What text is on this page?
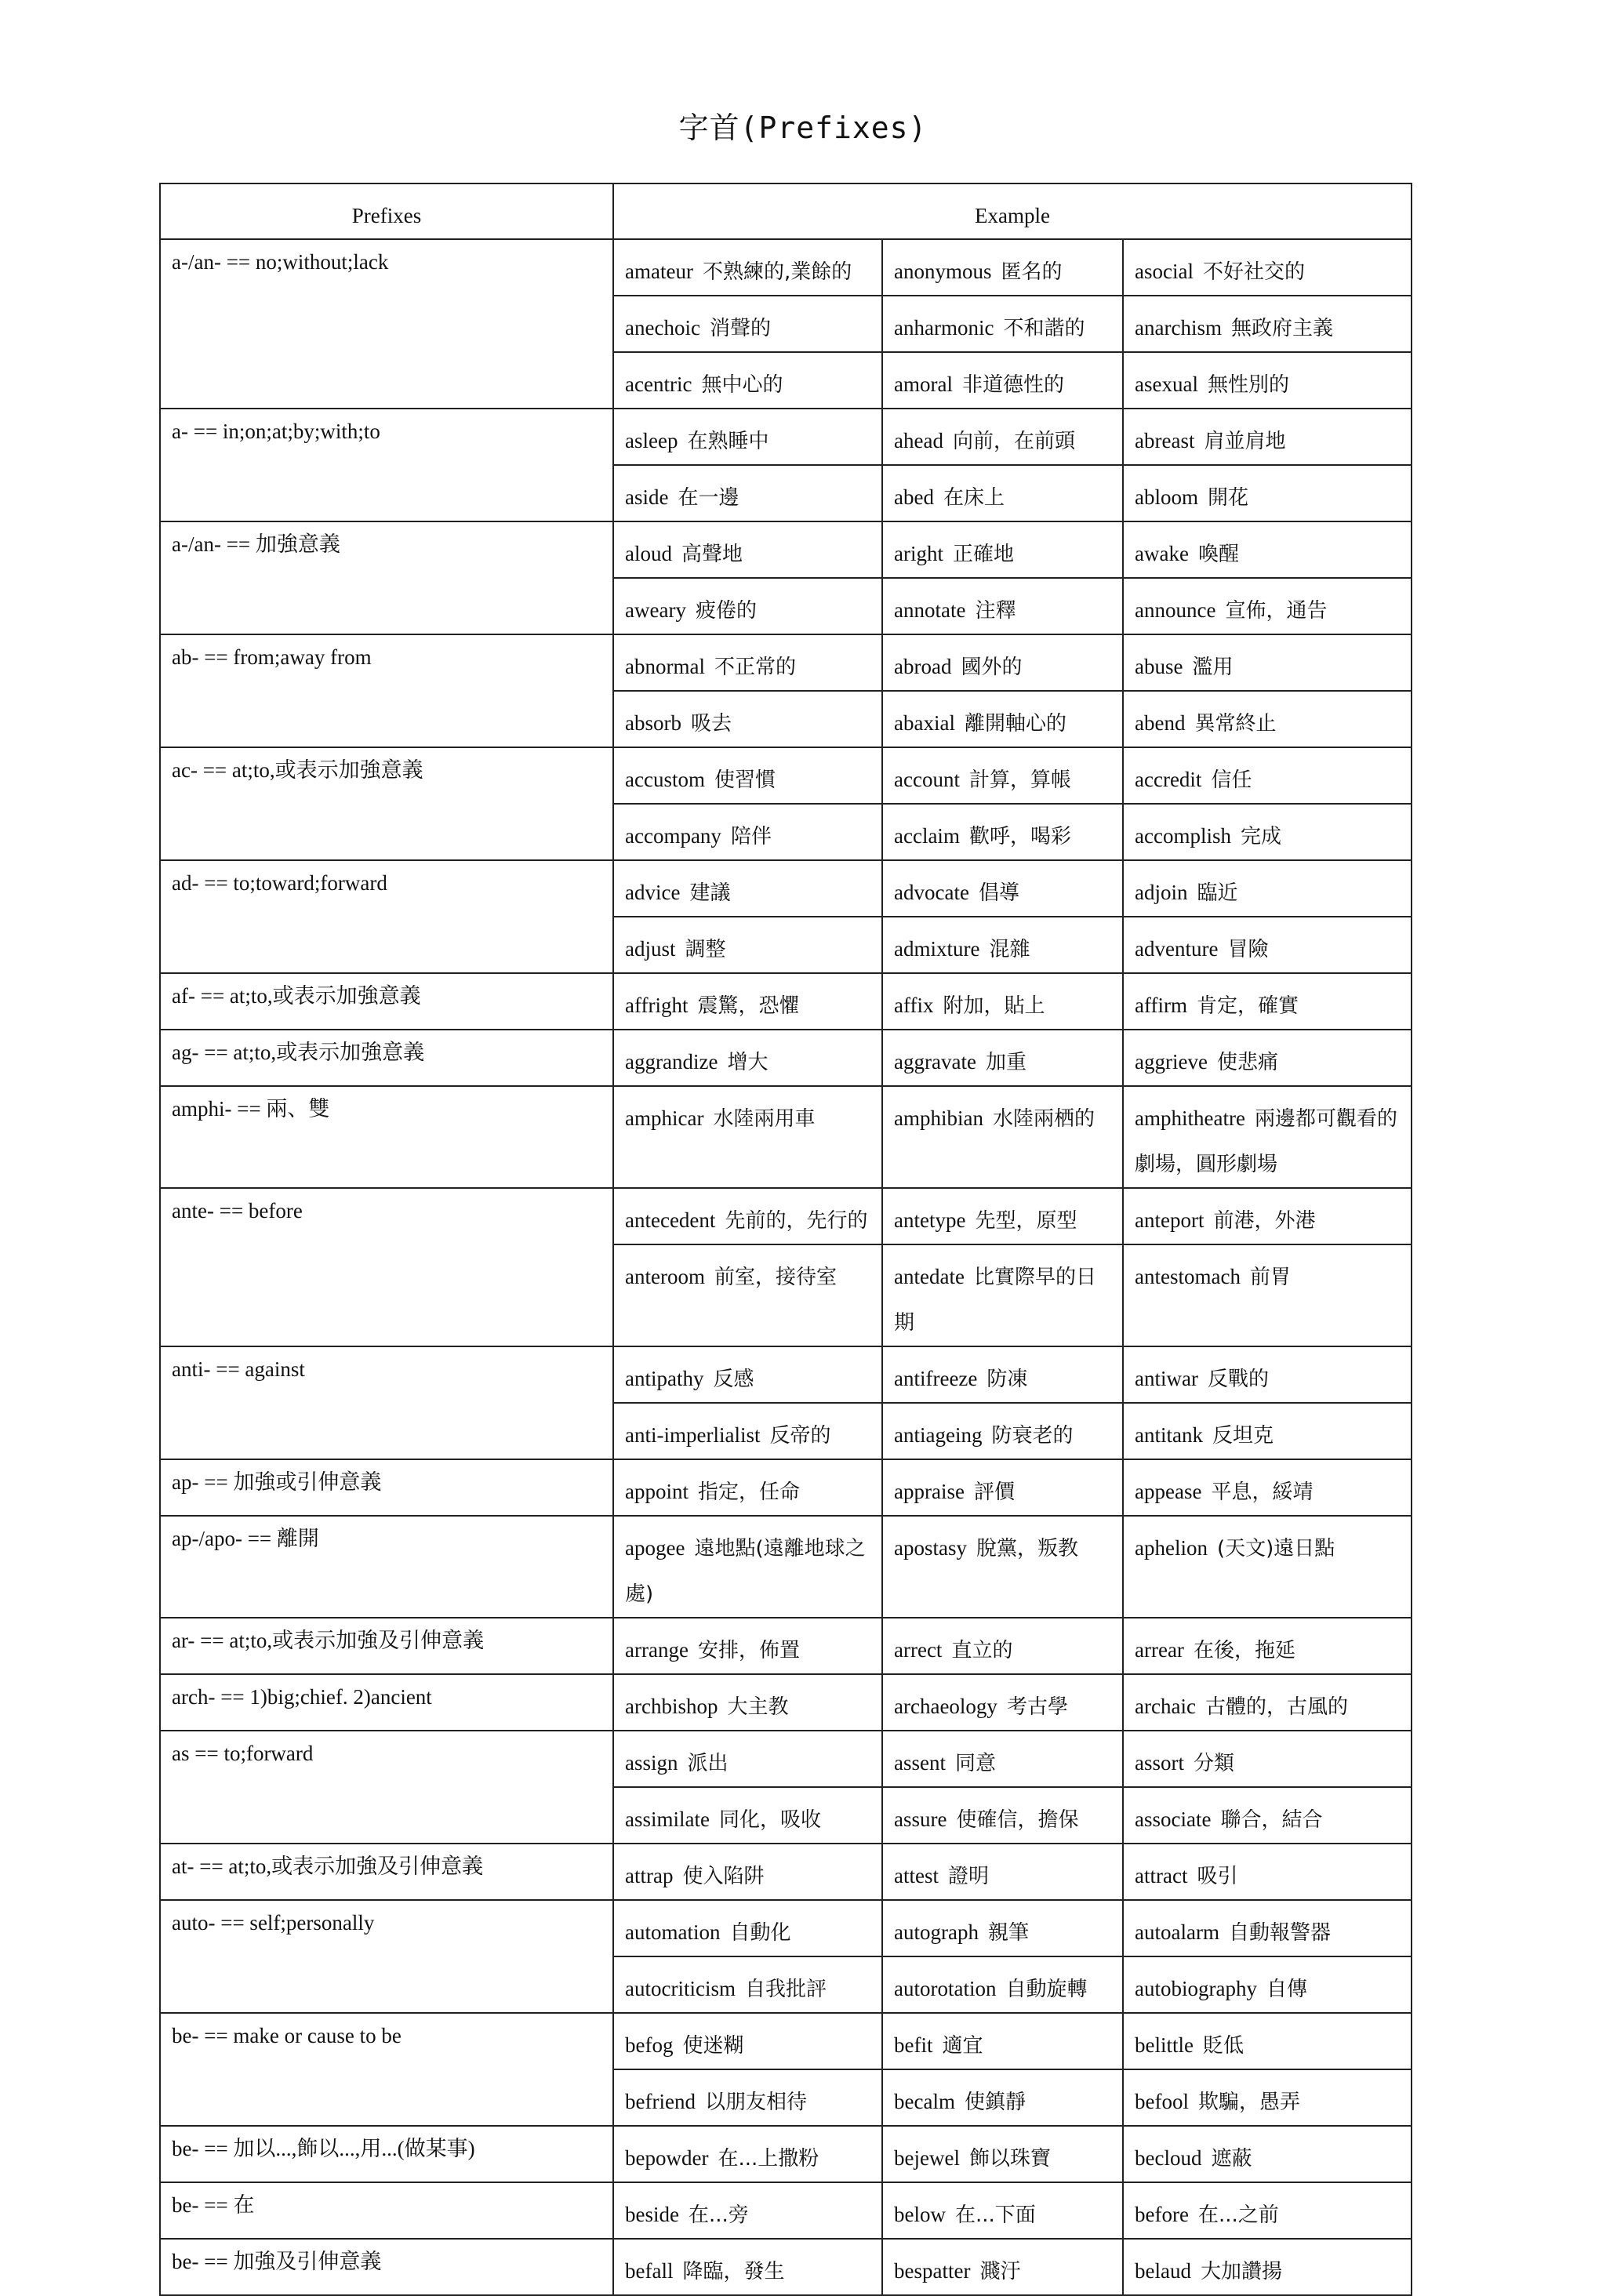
字首(Prefixes)
Prefixes	Example		
a-/an- == no;without;lack	amateur 不熟練的,業餘的	anonymous 匿名的	asocial 不好社交的
	anechoic 消聲的	anharmonic 不和諧的	anarchism 無政府主義
	acentric 無中心的	amoral 非道德性的	asexual 無性別的
a- == in;on;at;by;with;to	asleep 在熟睡中	ahead 向前，在前頭	abreast 肩並肩地
	aside 在一邊	abed 在床上	abloom 開花
a-/an- == 加強意義	aloud 高聲地	aright 正確地	awake 喚醒
	aweary 疲倦的	annotate 注釋	announce 宣佈，通告
ab- == from;away from	abnormal 不正常的	abroad 國外的	abuse 濫用
	absorb 吸去	abaxial 離開軸心的	abend 異常終止
ac- == at;to,或表示加強意義	accustom 使習慣	account 計算，算帳	accredit 信任
	accompany 陪伴	acclaim 歡呼，喝彩	accomplish 完成
ad- == to;toward;forward	advice 建議	advocate 倡導	adjoin 臨近
	adjust 調整	admixture 混雜	adventure 冒險
af- == at;to,或表示加強意義	affright 震驚，恐懼	affix 附加，貼上	affirm 肯定，確實
ag- == at;to,或表示加強意義	aggrandize 增大	aggravate 加重	aggrieve 使悲痛
amphi- == 兩、雙	amphicar 水陸兩用車	amphibian 水陸兩栖的	amphitheatre 兩邊都可觀看的劇場，圓形劇場
ante- == before	antecedent 先前的，先行的	antetype 先型，原型	anteport 前港，外港
	anteroom 前室，接待室	antedate 比實際早的日期	antestomach 前胃
anti- == against	antipathy 反感	antifreeze 防凍	antiwar 反戰的
	anti-imperlialist 反帝的	antiageing 防衰老的	antitank 反坦克
ap- == 加強或引伸意義	appoint 指定，任命	appraise 評價	appease 平息，綏靖
ap-/apo- == 離開	apogee 遠地點(遠離地球之處)	apostasy 脫黨，叛教	aphelion (天文)遠日點
ar- == at;to,或表示加強及引伸意義	arrange 安排，佈置	arrect 直立的	arrear 在後，拖延
arch- == 1)big;chief. 2)ancient	archbishop 大主教	archaeology 考古學	archaic 古體的，古風的
as == to;forward	assign 派出	assent 同意	assort 分類
	assimilate 同化，吸收	assure 使確信，擔保	associate 聯合，結合
at- == at;to,或表示加強及引伸意義	attrap 使入陷阱	attest 證明	attract 吸引
auto- == self;personally	automation 自動化	autograph 親筆	autoalarm 自動報警器
	autocriticism 自我批評	autorotation 自動旋轉	autobiography 自傳
be- == make or cause to be	befog 使迷糊	befit 適宜	belittle 貶低
	befriend 以朋友相待	becalm 使鎮靜	befool 欺騙，愚弄
be- == 加以...,飾以...,用...(做某事)	bepowder 在...上撒粉	bejewel 飾以珠寶	becloud 遮蔽
be- == 在	beside 在...旁	below 在...下面	before 在...之前
be- == 加強及引伸意義	befall 降臨，發生	bespatter 濺汙	belaud 大加讚揚
